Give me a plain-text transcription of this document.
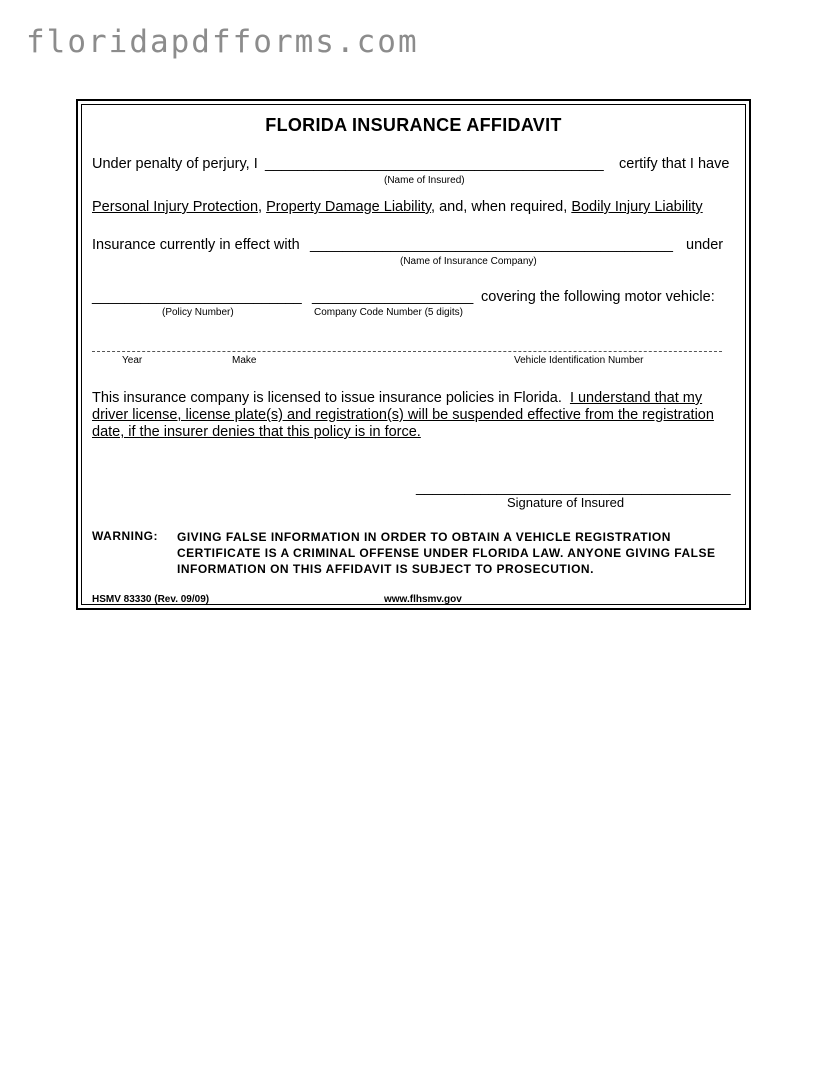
floridapdfforms.com
FLORIDA INSURANCE AFFIDAVIT
Under penalty of perjury, I __________________________________________ certify that I have
(Name of Insured)
Personal Injury Protection, Property Damage Liability, and, when required, Bodily Injury Liability
Insurance currently in effect with _____________________________________________ under
(Name of Insurance Company)
__________________________ ____________________ covering the following motor vehicle:
(Policy Number)	Company Code Number (5 digits)
Year	Make	Vehicle Identification Number
This insurance company is licensed to issue insurance policies in Florida. I understand that my driver license, license plate(s) and registration(s) will be suspended effective from the registration date, if the insurer denies that this policy is in force.
_______________________________________
Signature of Insured
WARNING: GIVING FALSE INFORMATION IN ORDER TO OBTAIN A VEHICLE REGISTRATION CERTIFICATE IS A CRIMINAL OFFENSE UNDER FLORIDA LAW. ANYONE GIVING FALSE INFORMATION ON THIS AFFIDAVIT IS SUBJECT TO PROSECUTION.
HSMV 83330 (Rev. 09/09)	www.flhsmv.gov
